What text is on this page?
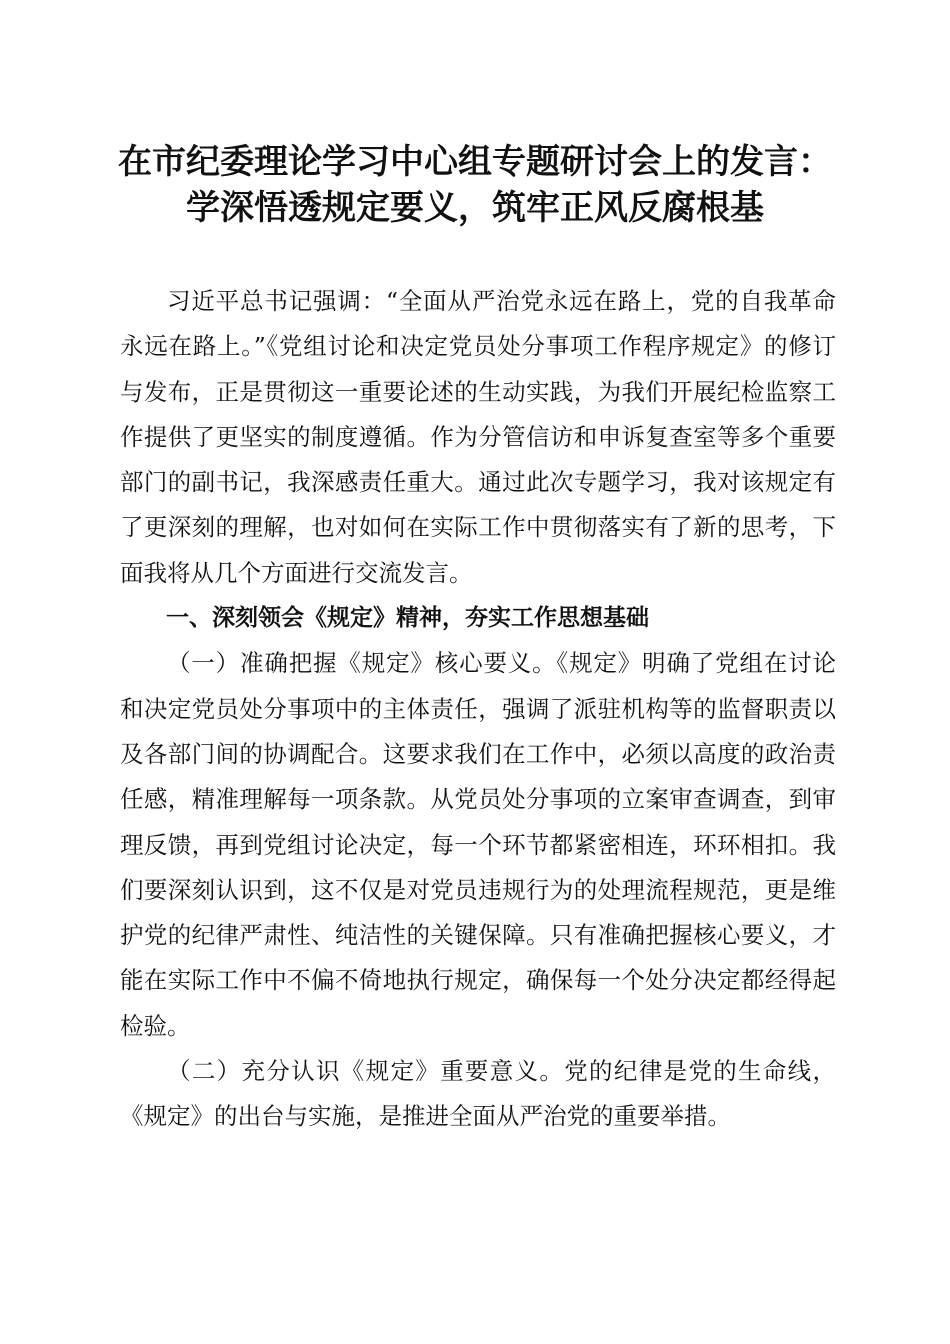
在市纪委理论学习中心组专题研讨会上的发言：
学深悟透规定要义，筑牢正风反腐根基

习近平总书记强调：“全面从严治党永远在路上，党的自我革命永远在路上。”《党组讨论和决定党员处分事项工作程序规定》的修订与发布，正是贯彻这一重要论述的生动实践，为我们开展纪检监察工作提供了更坚实的制度遵循。作为分管信访和申诉复查室等多个重要部门的副书记，我深感责任重大。通过此次专题学习，我对该规定有了更深刻的理解，也对如何在实际工作中贯彻落实有了新的思考，下面我将从几个方面进行交流发言。

一、深刻领会《规定》精神，夯实工作思想基础

（一）准确把握《规定》核心要义。《规定》明确了党组在讨论和决定党员处分事项中的主体责任，强调了派驻机构等的监督职责以及各部门间的协调配合。这要求我们在工作中，必须以高度的政治责任感，精准理解每一项条款。从党员处分事项的立案审查调查，到审理反馈，再到党组讨论决定，每一个环节都紧密相连，环环相扣。我们要深刻认识到，这不仅是对党员违规行为的处理流程规范，更是维护党的纪律严肃性、纯洁性的关键保障。只有准确把握核心要义，才能在实际工作中不偏不倚地执行规定，确保每一个处分决定都经得起检验。

（二）充分认识《规定》重要意义。党的纪律是党的生命线，《规定》的出台与实施，是推进全面从严治党的重要举措。
